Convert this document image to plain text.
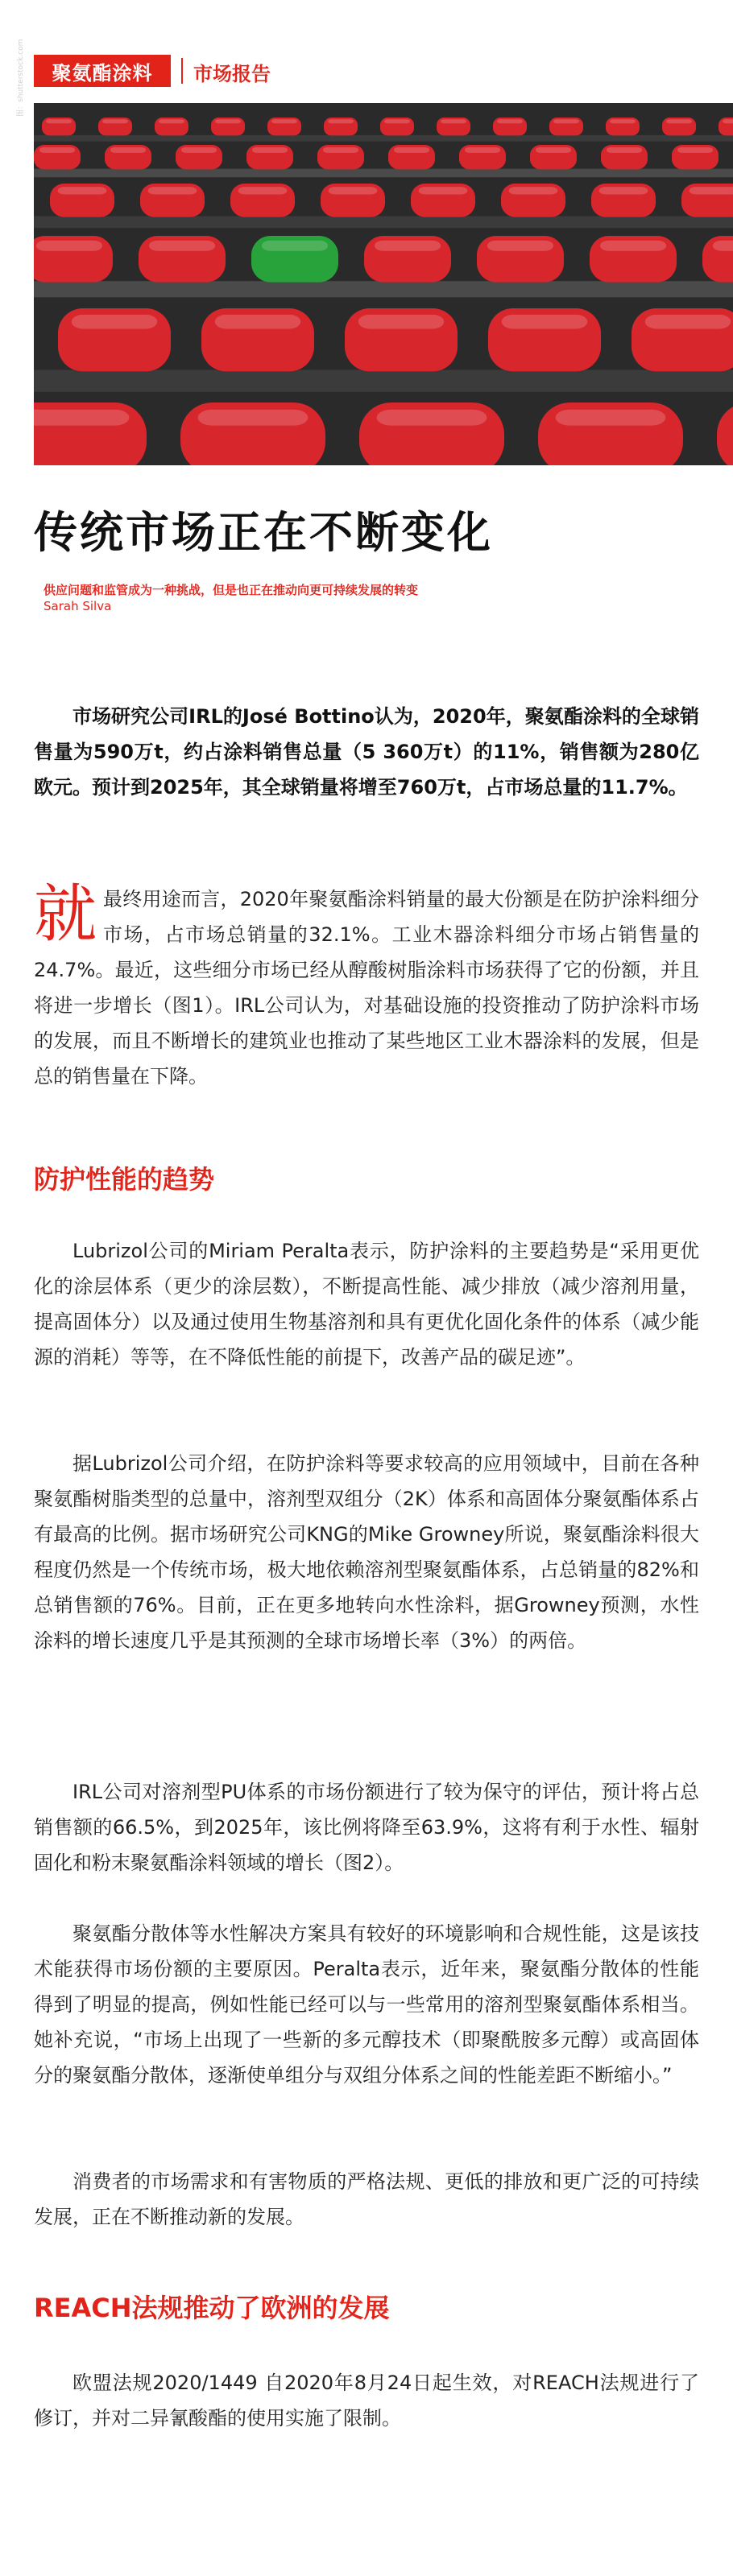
聚氨酯涂料	市场报告
图：shutterstock.com
传统市场正在不断变化
供应问题和监管成为一种挑战，但是也正在推动向更可持续发展的转变
Sarah Silva
市场研究公司IRL的José Bottino认为，2020年，聚氨酯涂料的全球销售量为590万t，约占涂料销售总量（5 360万t）的11%，销售额为280亿欧元。预计到2025年，其全球销量将增至760万t，占市场总量的11.7%。

就最终用途而言，2020年聚氨酯涂料销量的最大份额是在防护涂料细分市场，占市场总销量的32.1%。工业木器涂料细分市场占销售量的24.7%。最近，这些细分市场已经从醇酸树脂涂料市场获得了它的份额，并且将进一步增长（图1）。IRL公司认为，对基础设施的投资推动了防护涂料市场的发展，而且不断增长的建筑业也推动了某些地区工业木器涂料的发展，但是总的销售量在下降。

防护性能的趋势

Lubrizol公司的Miriam Peralta表示，防护涂料的主要趋势是“采用更优化的涂层体系（更少的涂层数），不断提高性能、减少排放（减少溶剂用量，提高固体分）以及通过使用生物基溶剂和具有更优化固化条件的体系（减少能源的消耗）等等，在不降低性能的前提下，改善产品的碳足迹”。

据Lubrizol公司介绍，在防护涂料等要求较高的应用领域中，目前在各种聚氨酯树脂类型的总量中，溶剂型双组分（2K）体系和高固体分聚氨酯体系占有最高的比例。据市场研究公司KNG的Mike Growney所说，聚氨酯涂料很大程度仍然是一个传统市场，极大地依赖溶剂型聚氨酯体系，占总销量的82%和总销售额的76%。目前，正在更多地转向水性涂料，据Growney预测，水性涂料的增长速度几乎是其预测的全球市场增长率（3%）的两倍。

IRL公司对溶剂型PU体系的市场份额进行了较为保守的评估，预计将占总销售额的66.5%，到2025年，该比例将降至63.9%，这将有利于水性、辐射固化和粉末聚氨酯涂料领域的增长（图2）。

聚氨酯分散体等水性解决方案具有较好的环境影响和合规性能，这是该技术能获得市场份额的主要原因。Peralta表示，近年来，聚氨酯分散体的性能得到了明显的提高，例如性能已经可以与一些常用的溶剂型聚氨酯体系相当。她补充说，“市场上出现了一些新的多元醇技术（即聚酰胺多元醇）或高固体分的聚氨酯分散体，逐渐使单组分与双组分体系之间的性能差距不断缩小。”

消费者的市场需求和有害物质的严格法规、更低的排放和更广泛的可持续发展，正在不断推动新的发展。

REACH法规推动了欧洲的发展

欧盟法规2020/1449 自2020年8月24日起生效，对REACH法规进行了修订，并对二异氰酸酯的使用实施了限制。
